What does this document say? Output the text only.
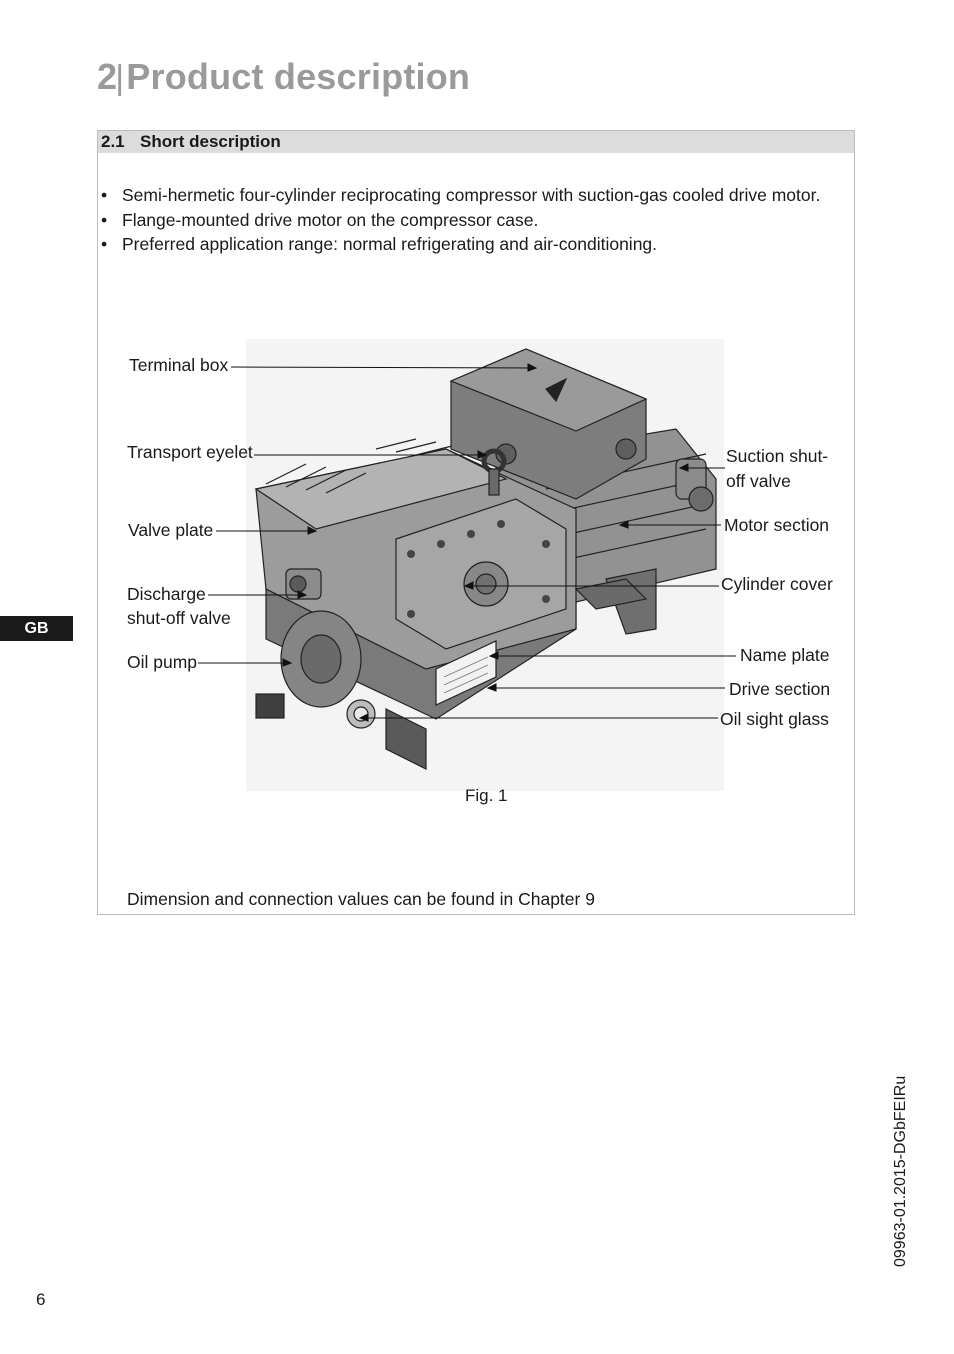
2|Product description
GB
2.1 Short description
• Semi-hermetic four-cylinder reciprocating compressor with suction-gas cooled drive motor.
• Flange-mounted drive motor on the compressor case.
• Preferred application range: normal refrigerating and air-conditioning.
Terminal box
Transport eyelet
Valve plate
Discharge
shut-off valve
Oil pump
Suction shut-
off valve
Motor section
Cylinder cover
Name plate
Drive section
Oil sight glass
Fig. 1
Dimension and connection values can be found in Chapter 9
09963-01.2015-DGbFEIRu
6
